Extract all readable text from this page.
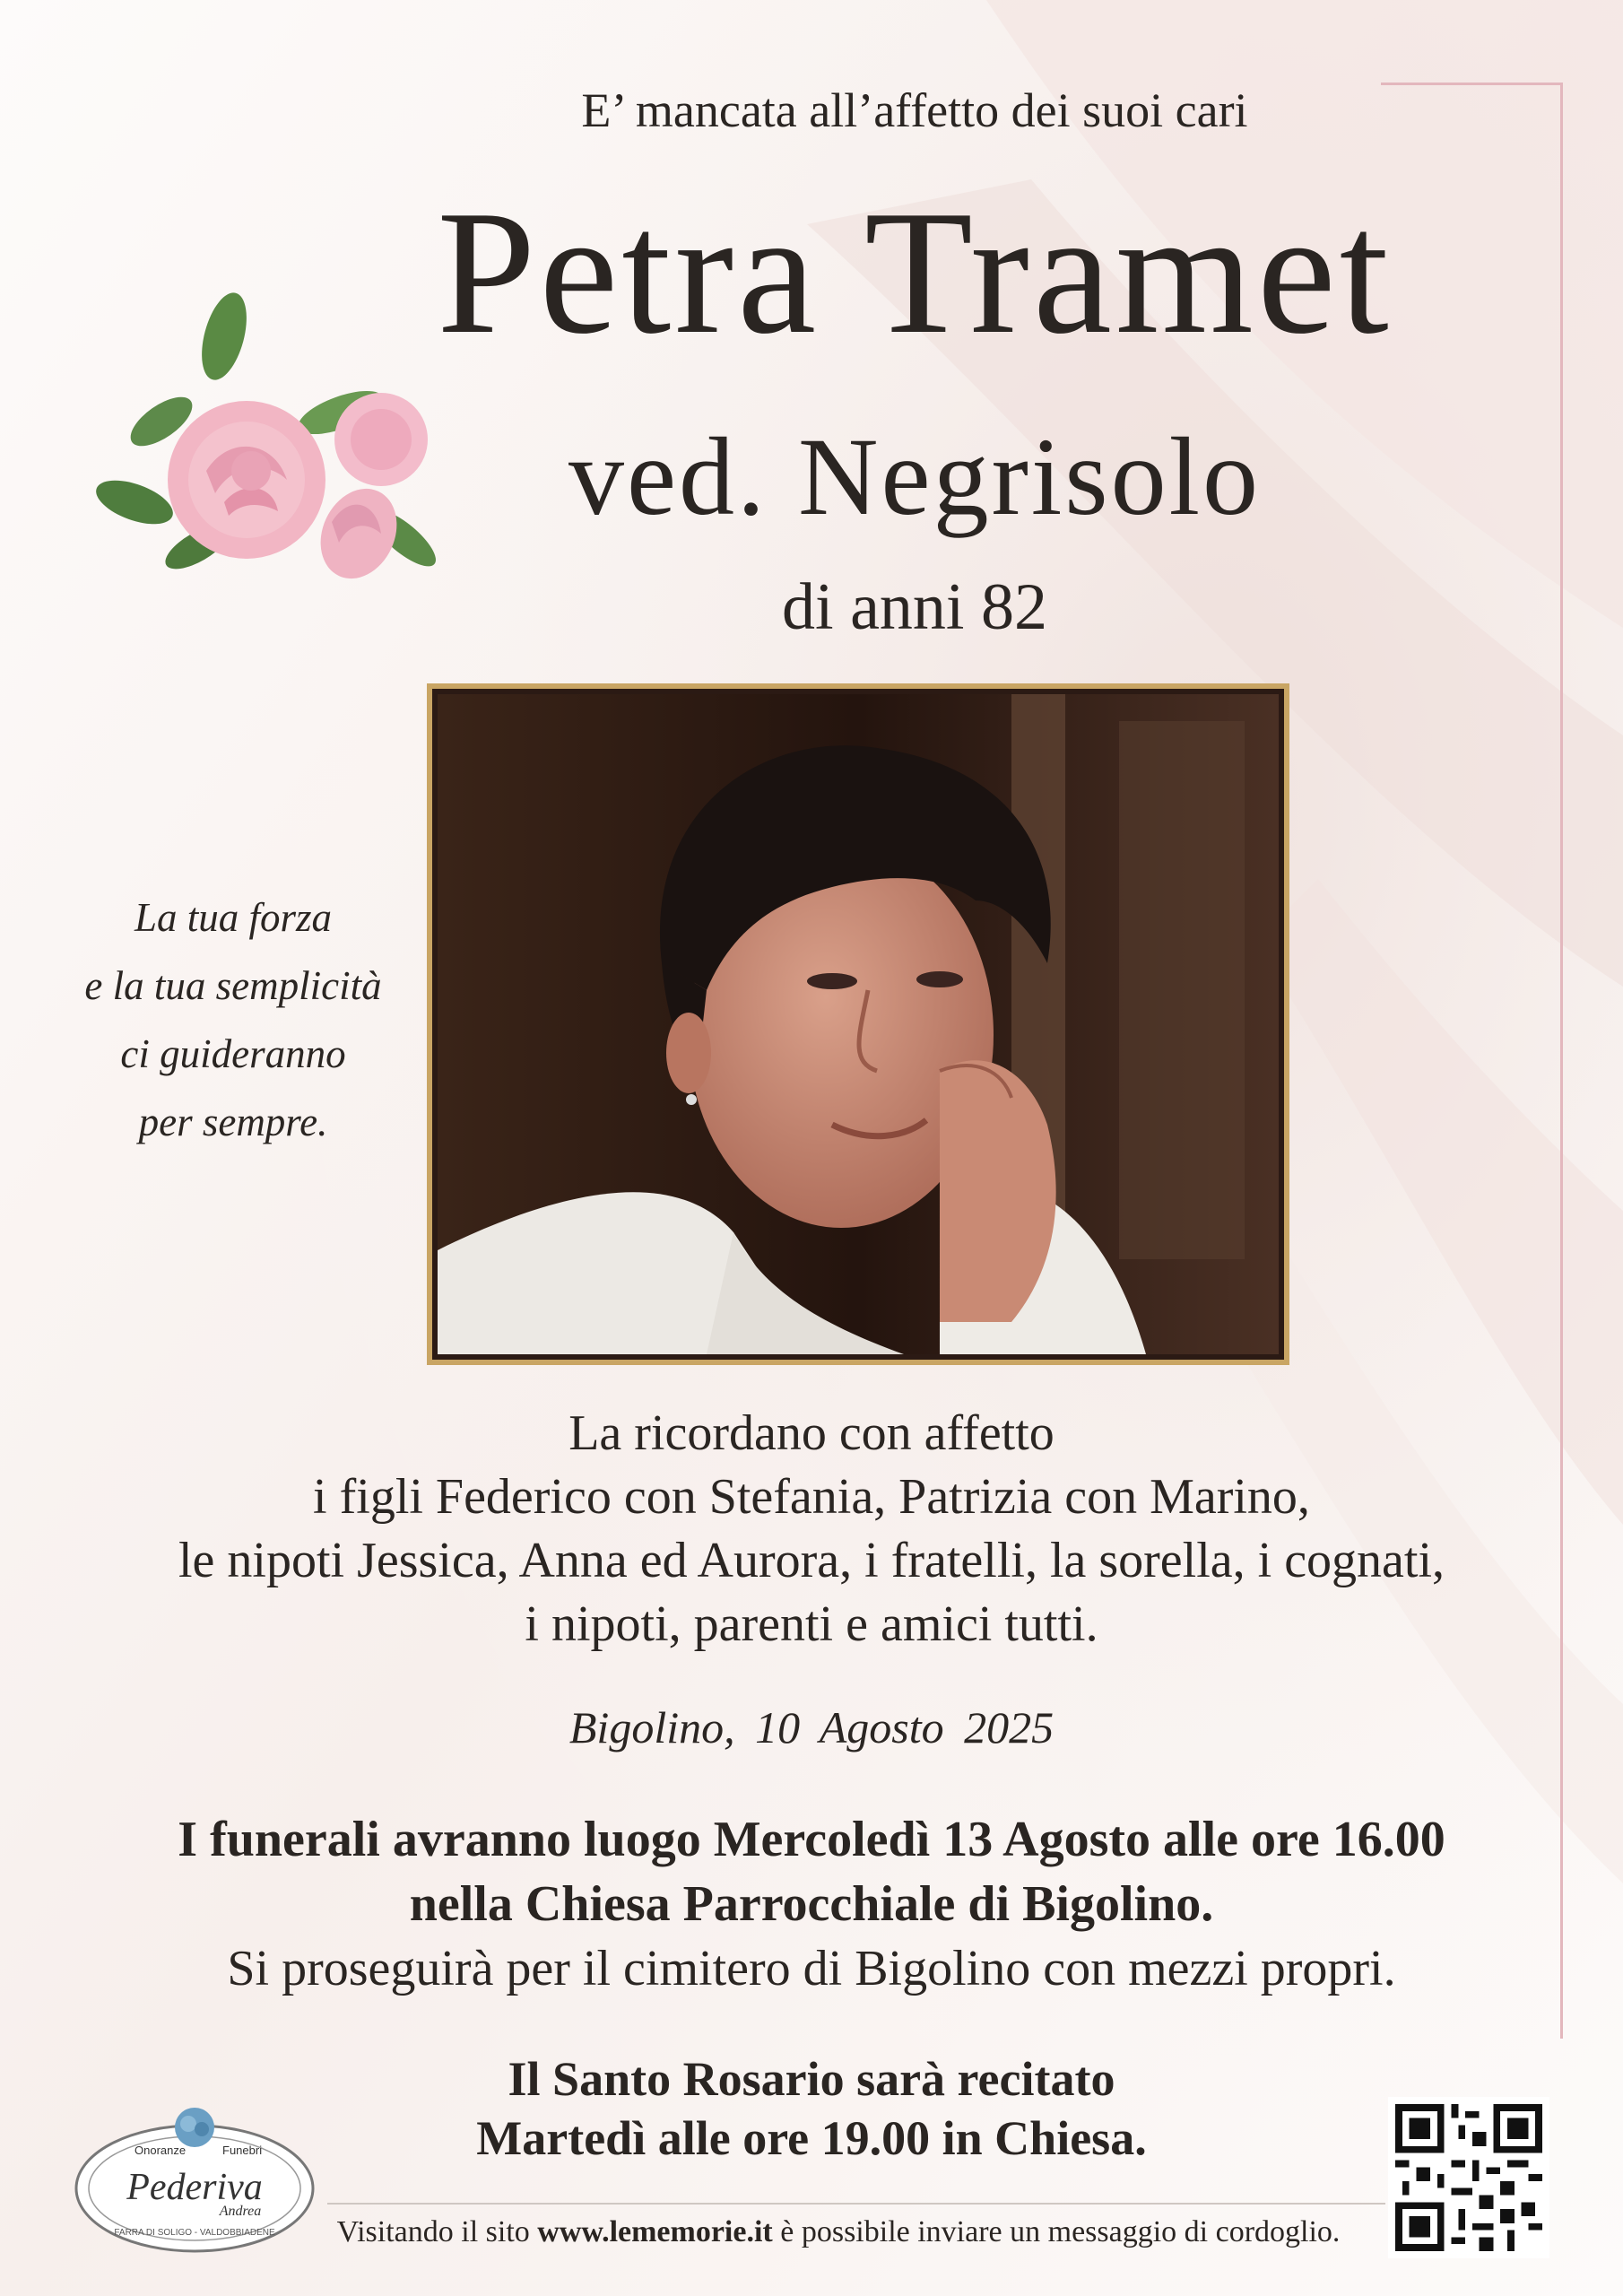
E’ mancata all’affetto dei suoi cari
Petra Tramet
ved. Negrisolo
di anni 82
La tua forza
e la tua semplicità
ci guideranno
per sempre.
La ricordano con affetto
i figli Federico con Stefania, Patrizia con Marino,
le nipoti Jessica, Anna ed Aurora, i fratelli, la sorella, i cognati,
i nipoti, parenti e amici tutti.
Bigolino, 10 Agosto 2025
I funerali avranno luogo Mercoledì 13 Agosto alle ore 16.00
nella Chiesa Parrocchiale di Bigolino.
Si proseguirà per il cimitero di Bigolino con mezzi propri.
Il Santo Rosario sarà recitato
Martedì alle ore 19.00 in Chiesa.
Onoranze	Funebri
Pederiva
Andrea
FARRA DI SOLIGO - VALDOBBIADENE	Visitando il sito www.lememorie.it è possibile inviare un messaggio di cordoglio.
